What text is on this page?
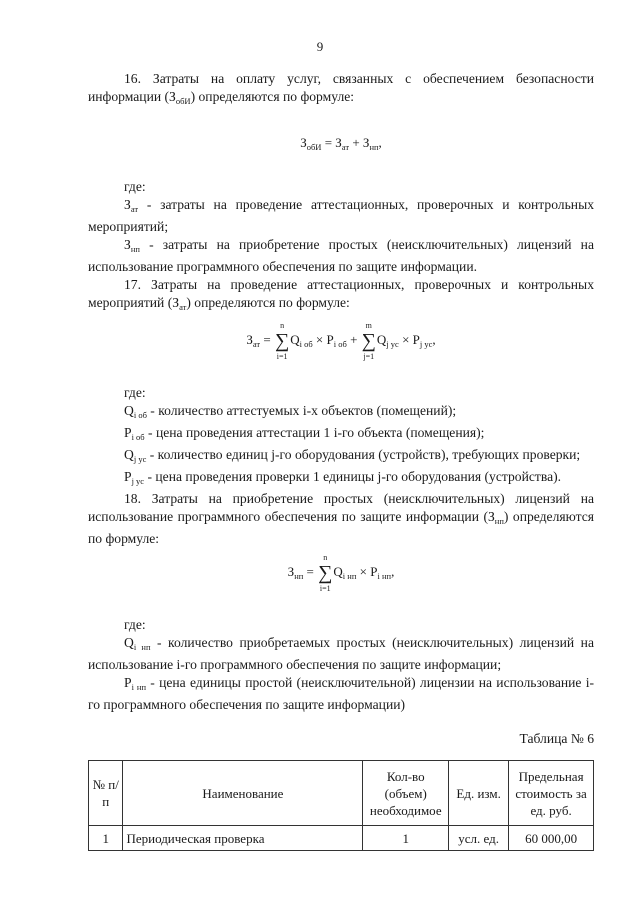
9

16. Затраты на оплату услуг, связанных с обеспечением безопасности информации $(З_{обИ})$ определяются по формуле:

$З_{обИ} = З_{ат} + З_{нп}$,

где:

$З_{ат}$ - затраты на проведение аттестационных, проверочных и контрольных мероприятий;

$З_{нп}$ - затраты на приобретение простых (неисключительных) лицензий на использование программного обеспечения по защите информации.

17. Затраты на проведение аттестационных, проверочных и контрольных мероприятий $(З_{ат})$ определяются по формуле:

$З_{ат}$ =
n
∑
i=1
$Q_{i об} \times P_{i об}$ +
m
∑
j=1
$Q_{j ус} \times P_{j ус}$,

где:

$Q_{i об}$ - количество аттестуемых i-х объектов (помещений);

$P_{i об}$ - цена проведения аттестации 1 i-го объекта (помещения);

$Q_{j ус}$ - количество единиц j-го оборудования (устройств), требующих проверки;

$P_{j ус}$ - цена проведения проверки 1 единицы j-го оборудования (устройства).

18. Затраты на приобретение простых (неисключительных) лицензий на использование программного обеспечения по защите информации $(З_{нп})$ определяются по формуле:

$З_{нп}$ =
n
∑
i=1
$Q_{i нп} \times P_{i нп}$,

где:

$Q_{i нп}$ - количество приобретаемых простых (неисключительных) лицензий на использование i-го программного обеспечения по защите информации;

$P_{i нп}$ - цена единицы простой (неисключительной) лицензии на использование i-го программного обеспечения по защите информации)

Таблица № 6
№ п/п	Наименование	Кол-во (объем) необходимое	Ед. изм.	Предельная стоимость за ед. руб.
1	Периодическая проверка	1	усл. ед.	60 000,00
